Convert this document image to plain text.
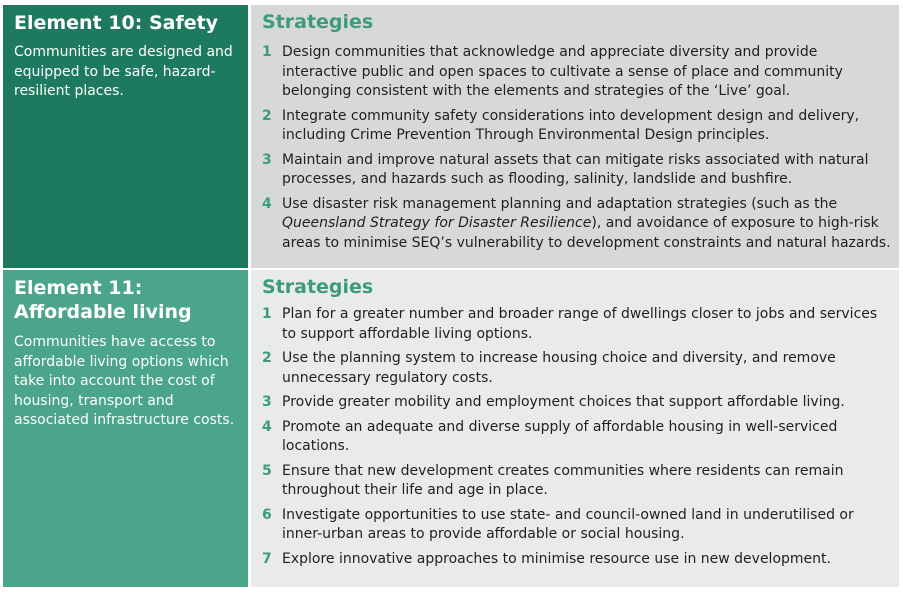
Element 10: Safety
Communities are designed and equipped to be safe, hazard-resilient places.
Strategies
1 Design communities that acknowledge and appreciate diversity and provide interactive public and open spaces to cultivate a sense of place and community belonging consistent with the elements and strategies of the ‘Live’ goal.
2 Integrate community safety considerations into development design and delivery, including Crime Prevention Through Environmental Design principles.
3 Maintain and improve natural assets that can mitigate risks associated with natural processes, and hazards such as flooding, salinity, landslide and bushfire.
4 Use disaster risk management planning and adaptation strategies (such as the Queensland Strategy for Disaster Resilience), and avoidance of exposure to high-risk areas to minimise SEQ’s vulnerability to development constraints and natural hazards.
Element 11: Affordable living
Communities have access to affordable living options which take into account the cost of housing, transport and associated infrastructure costs.
Strategies
1 Plan for a greater number and broader range of dwellings closer to jobs and services to support affordable living options.
2 Use the planning system to increase housing choice and diversity, and remove unnecessary regulatory costs.
3 Provide greater mobility and employment choices that support affordable living.
4 Promote an adequate and diverse supply of affordable housing in well-serviced locations.
5 Ensure that new development creates communities where residents can remain throughout their life and age in place.
6 Investigate opportunities to use state- and council-owned land in underutilised or inner-urban areas to provide affordable or social housing.
7 Explore innovative approaches to minimise resource use in new development.
